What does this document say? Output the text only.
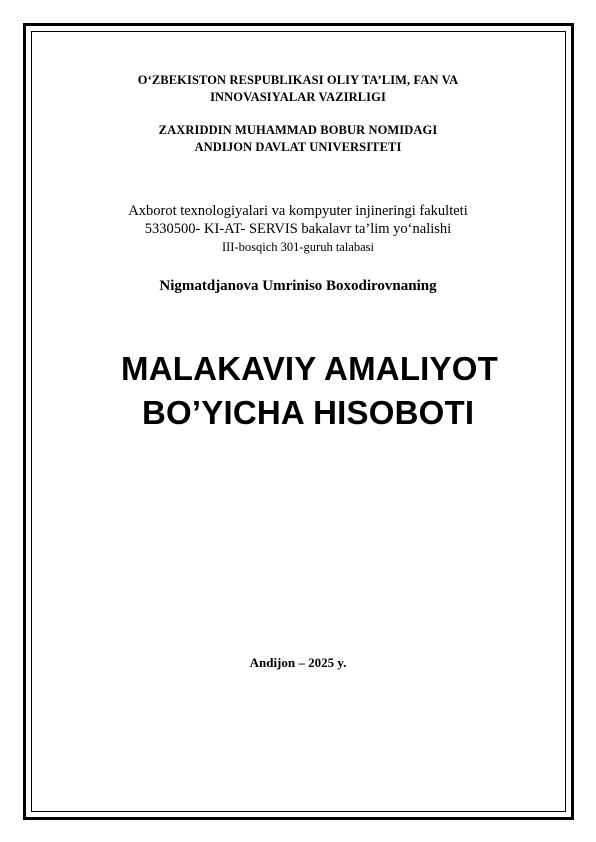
O‘ZBEKISTON RESPUBLIKASI OLIY TA’LIM, FAN VA
INNOVASIYALAR VAZIRLIGI
ZAXRIDDIN MUHAMMAD BOBUR NOMIDAGI
ANDIJON DAVLAT UNIVERSITETI
Axborot texnologiyalari va kompyuter injineringi fakulteti
5330500- KI-AT- SERVIS bakalavr ta’lim yo‘nalishi
III-bosqich 301-guruh talabasi
Nigmatdjanova Umriniso Boxodirovnaning
MALAKAVIY AMALIYOT
BO’YICHA HISOBOTI
Andijon – 2025 y.
